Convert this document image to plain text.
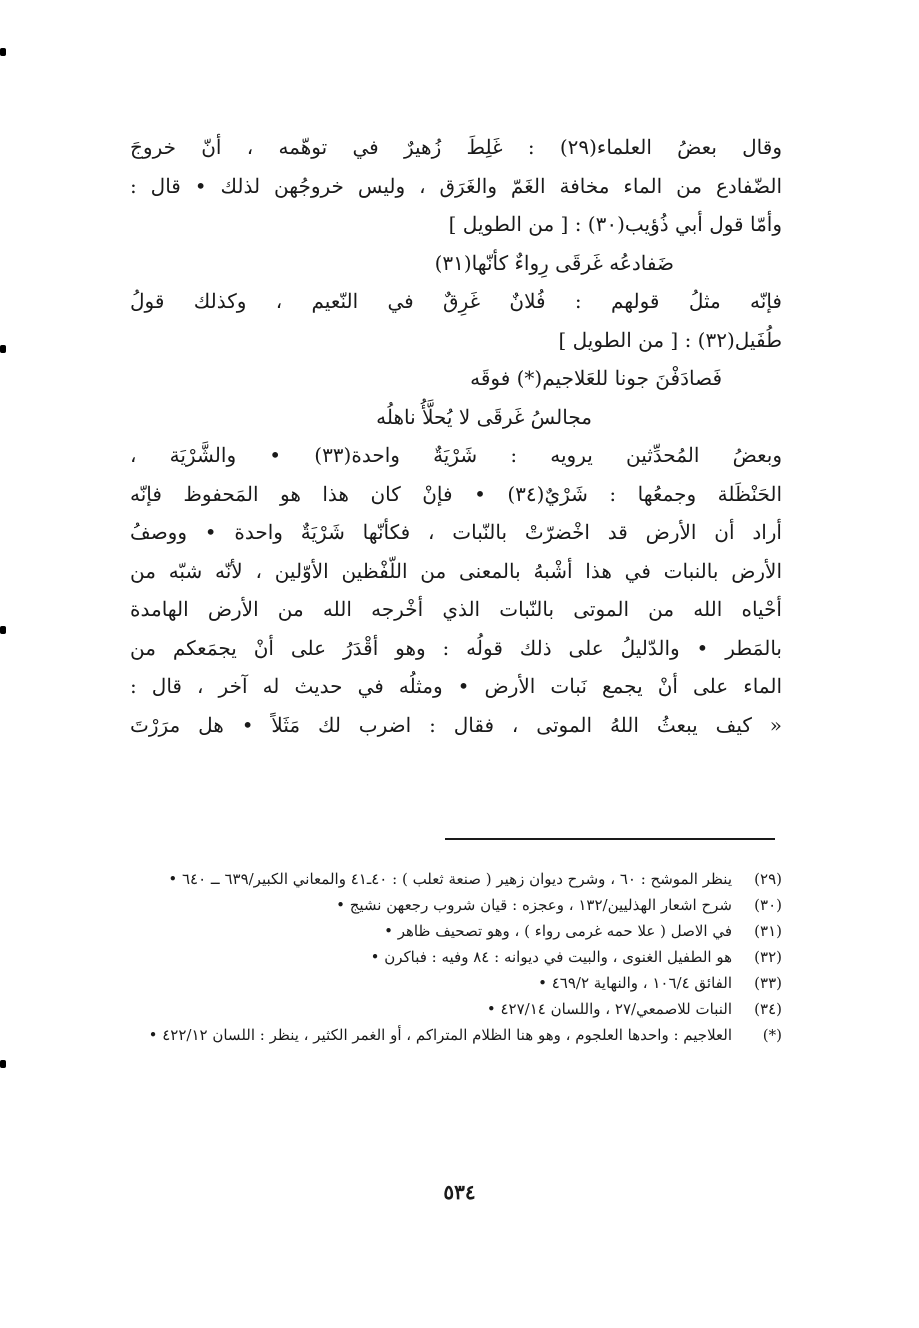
وقال بعضُ العلماء(٢٩) : غَلِطَ زُهيرٌ في توهّمه ، أنّ خروجَ
الضّفادع من الماء مخافة الغَمّ والغَرَق ، وليس خروجُهن لذلك • قال :
وأمّا قول أبي ذُؤيب(٣٠) : [ من الطويل ]
ضَفادعُه غَرقَى رِواءٌ كأنّها(٣١)
فإنّه مثلُ قولهم : فُلانٌ غَرِقٌ في النّعيم ، وكذلك قولُ
طُفَيل(٣٢) : [ من الطويل ]
فَصادَفْنَ جونا للعَلاجيم(*) فوقَه
مجالسُ غَرقَى لا يُحلَّأُ ناهلُه
وبعضُ المُحدِّثين يرويه : شَرْيَةٌ واحدة(٣٣) • والشَّرْيَة ،
الحَنْظَلة وجمعُها : شَرْيٌ(٣٤) • فإنْ كان هذا هو المَحفوظ فإنّه
أراد أن الأرض قد اخْضرّتْ بالنّبات ، فكأنّها شَرْيَةٌ واحدة • ووصفُ
الأرض بالنبات في هذا أشْبهُ بالمعنى من اللّفْظين الأوّلين ، لأنّه شبّه من
أحْياه الله من الموتى بالنّبات الذي أخْرجه الله من الأرض الهامدة
بالمَطر • والدّليلُ على ذلك قولُه : وهو أقْدَرُ على أنْ يجمَعكم من
الماء على أنْ يجمع نَبات الأرض • ومثلُه في حديث له آخر ، قال :
« كيف يبعثُ اللهُ الموتى ، فقال : اضرب لك مَثَلاً • هل مرَرْتَ
(٢٩)
ينظر الموشح : ٦٠ ، وشرح ديوان زهير ( صنعة ثعلب ) : ٤٠ـ٤١ والمعاني الكبير/٦٣٩ ــ ٦٤٠ •
(٣٠)
شرح اشعار الهذليين/١٣٢ ، وعجزه : قيان شروب رجعهن نشيج •
(٣١)
في الاصل ( علا حمه غرمى رواء ) ، وهو تصحيف ظاهر •
(٣٢)
هو الطفيل الغنوى ، والبيت في ديوانه : ٨٤ وفيه : فباكرن •
(٣٣)
الفائق ١٠٦/٤ ، والنهاية ٤٦٩/٢ •
(٣٤)
النبات للاصمعي/٢٧ ، واللسان ٤٢٧/١٤ •
(*)
العلاجيم : واحدها العلجوم ، وهو هنا الظلام المتراكم ، أو الغمر الكثير ، ينظر : اللسان ٤٢٢/١٢ •
٥٣٤
